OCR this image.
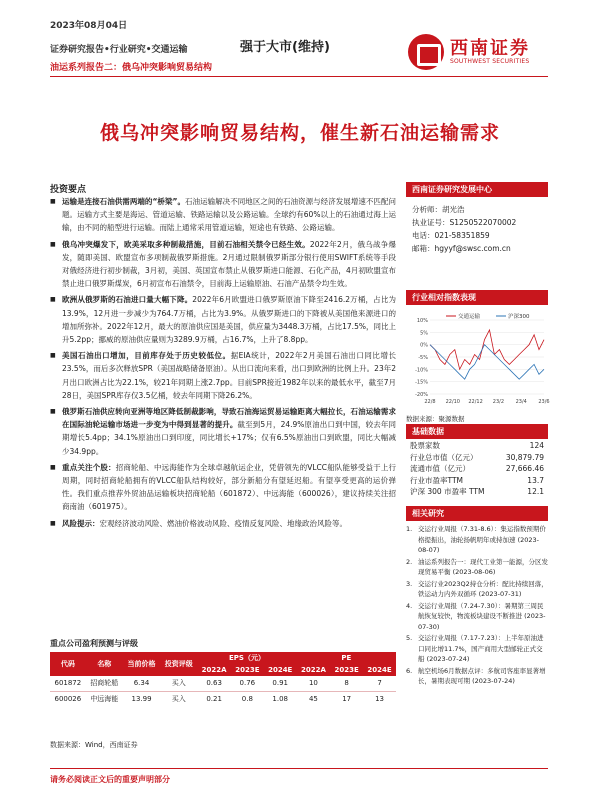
2023年08月04日
证券研究报告•行业研究•交通运输	强于大市(维持)
油运系列报告二：俄乌冲突影响贸易结构
西南证券
SOUTHWEST SECURITIES
俄乌冲突影响贸易结构，催生新石油运输需求
投资要点
■ 运输是连接石油供需两端的“桥梁”。石油运输解决不同地区之间的石油资源与经济发展增速不匹配问题。运输方式主要是海运、管道运输、铁路运输以及公路运输。全球约有60%以上的石油通过海上运输，由不同的船型进行运输。而陆上通常采用管道运输，短途也有铁路、公路运输。
■ 俄乌冲突爆发下，欧美采取多种制裁措施，目前石油相关禁令已经生效。2022年2月，俄乌战争爆发，随即美国、欧盟宣布多项制裁俄罗斯措施。2月通过限制俄罗斯部分银行使用SWIFT系统等手段对俄经济进行初步制裁，3月初，美国、英国宣布禁止从俄罗斯进口能源、石化产品，4月初欧盟宣布禁止进口俄罗斯煤炭，6月初宣布石油禁令，目前海上运输原油、石油产品禁令均生效。
■ 欧洲从俄罗斯的石油进口量大幅下降。2022年6月欧盟进口俄罗斯原油下降至2416.2万桶，占比为13.9%，12月进一步减少为764.7万桶，占比为3.9%。从俄罗斯进口的下降被从美国他来源进口的增加所弥补。2022年12月，最大的原油供应国是美国，供应量为3448.3万桶，占比17.5%，同比上升5.2pp；挪威的原油供应量则为3289.9万桶，占16.7%，上升了8.8pp。
■ 美国石油出口增加，目前库存处于历史较低位。据EIA统计，2022年2月美国石油出口同比增长23.5%，而后多次释放SPR（美国战略储备原油）。从出口流向来看，出口到欧洲的比例上升。23年2月出口欧洲占比为22.1%，较21年同期上涨2.7pp。目前SPR接近1982年以来的最低水平，截至7月28日，美国SPR库存仅3.5亿桶，较去年同期下降26.2%。
■ 俄罗斯石油供应转向亚洲等地区降低制裁影响，导致石油海运贸易运输距离大幅拉长，石油运输需求在国际油轮运输市场进一步变为中得到显著的提升。截至到5月，24.9%原油出口到中国，较去年同期增长5.4pp；34.1%原油出口到印度，同比增长+17%；仅有6.5%原油出口到欧盟，同比大幅减少34.9pp。
■ 重点关注个股：招商轮船、中远海能作为全球卓越航运企业，凭借领先的VLCC船队能够受益于上行周期，同时招商轮船拥有的VLCC船队结构较好，部分新船分有望延迟船。有望享受更高的运价弹性。我们重点推荐外贸油品运输板块招商轮船（601872）、中远海能（600026），建议持续关注招商南油（601975）。
■ 风险提示：宏观经济波动风险、燃油价格波动风险、疫情反复风险、地缘政治风险等。
重点公司盈利预测与评级
代码	名称	当前价格	投资评级	EPS（元）			PE		
				2022A	2023E	2024E	2022A	2023E	2024E
601872	招商轮船	6.34	买入	0.63	0.76	0.91	10	8	7
600026	中远海能	13.99	买入	0.21	0.8	1.08	45	17	13
数据来源：Wind，西南证券
西南证券研究发展中心
分析师：胡光浩
执业证号：S1250522070002
电话：021-58351859
邮箱：hgyyf@swsc.com.cn
行业相对指数表现
10%
5%
0%
-5%
-10%
-15%
-20%
22/8 22/10 22/12 23/2 23/4 23/6
交通运输	沪深300
数据来源：聚源数据
基础数据
股票家数	124
行业总市值（亿元）	30,879.79
流通市值（亿元）	27,666.46
行业市盈率TTM	13.7
沪深 300 市盈率 TTM	12.1
相关研究
1. 交运行业周报（7.31-8.6）：集运指数预期价格提振出，油轮扬帆明年或持加速 (2023-08-07)
2. 油运系列报告一：现代工业第一能源，分区发现贸易平衡 (2023-08-06)
3. 交运行业2023Q2持仓分析：配比持续回落，铁运动力内外双循环 (2023-07-31)
4. 交运行业周报（7.24-7.30）：暑期第三周民航恢复较快，物流板块建设不断推进 (2023-07-30)
5. 交运行业周报（7.17-7.23）：上半年原油进口同比增11.7%，国产商用大型邮轮正式交船 (2023-07-24)
6. 航空机场6月数据点评：多航司客座率显著增长，暑期表现可期 (2023-07-24)
请务必阅读正文后的重要声明部分
